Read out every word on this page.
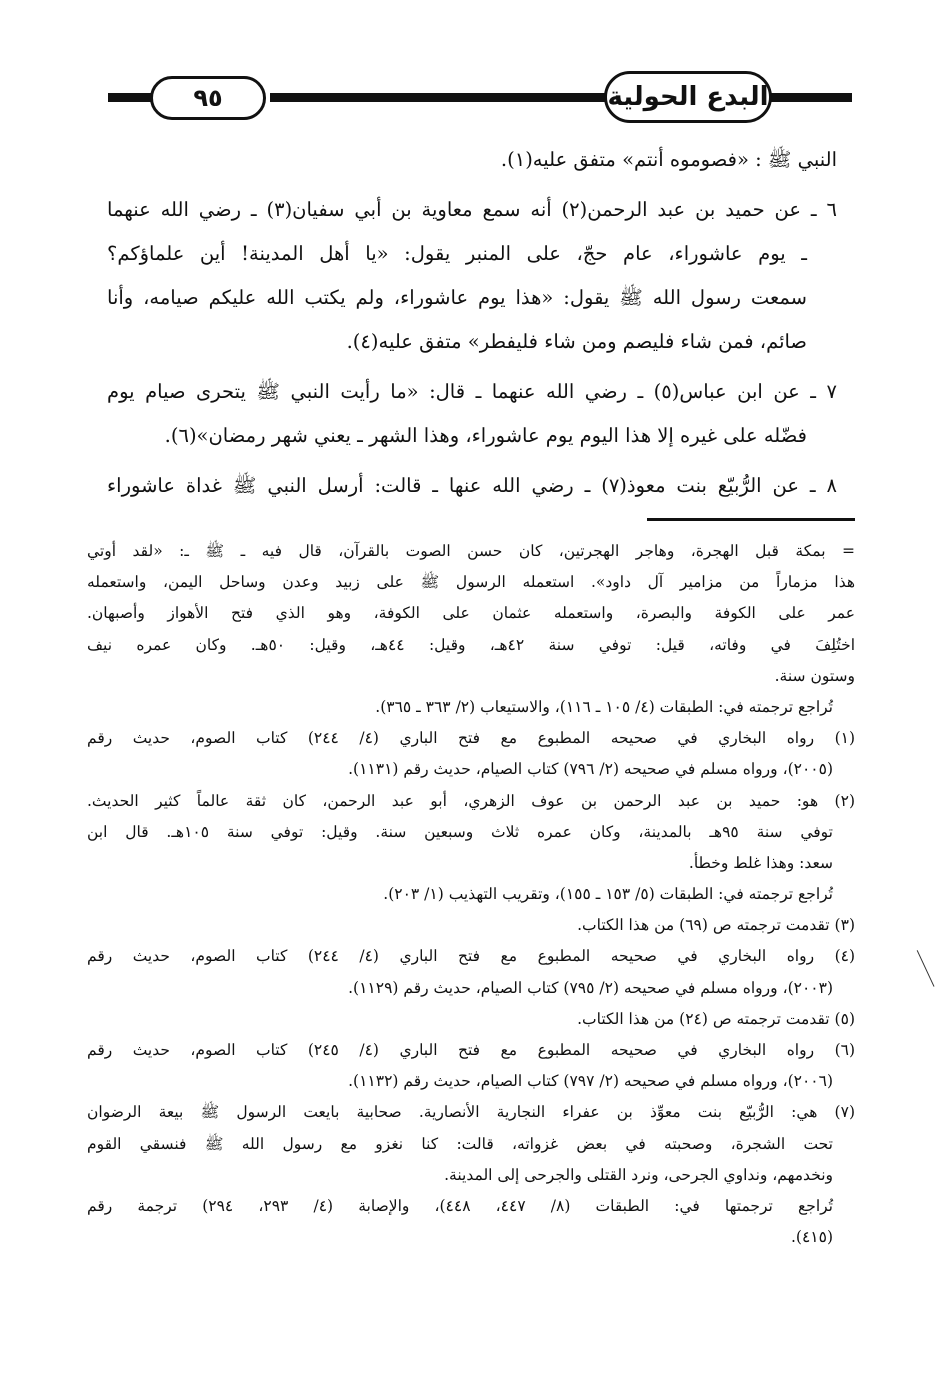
البدع الحولية
٩٥
النبي ﷺ : «فصوموه أنتم» متفق عليه(١).
٦ ـ عن حميد بن عبد الرحمن(٢) أنه سمع معاوية بن أبي سفيان(٣) ـ رضي الله عنهما
ـ يوم عاشوراء، عام حجّ، على المنبر يقول: «يا أهل المدينة! أين علماؤكم؟
سمعت رسول الله ﷺ يقول: «هذا يوم عاشوراء، ولم يكتب الله عليكم صيامه، وأنا
صائم، فمن شاء فليصم ومن شاء فليفطر» متفق عليه(٤).
٧ ـ عن ابن عباس(٥) ـ رضي الله عنهما ـ قال: «ما رأيت النبي ﷺ يتحرى صيام يوم
فضّله على غيره إلا هذا اليوم يوم عاشوراء، وهذا الشهر ـ يعني شهر رمضان»(٦).
٨ ـ عن الرُّبيّع بنت معوذ(٧) ـ رضي الله عنها ـ قالت: أرسل النبي ﷺ غداة عاشوراء
= بمكة قبل الهجرة، وهاجر الهجرتين، كان حسن الصوت بالقرآن، قال فيه ـ ﷺ ـ: «لقد أوتي
هذا مزماراً من مزامير آل داود». استعمله الرسول ﷺ على زبيد وعدن وساحل اليمن، واستعمله
عمر على الكوفة والبصرة، واستعمله عثمان على الكوفة، وهو الذي فتح الأهواز وأصبهان.
اختُلِفَ في وفاته، قيل: توفي سنة ٤٢هـ، وقيل: ٤٤هـ، وقيل: ٥٠هـ. وكان عمره نيف
وستون سنة.
تُراجع ترجمته في: الطبقات (٤/ ١٠٥ ـ ١١٦)، والاستيعاب (٢/ ٣٦٣ ـ ٣٦٥).
(١) رواه البخاري في صحيحه المطبوع مع فتح الباري (٤/ ٢٤٤) كتاب الصوم، حديث رقم
(٢٠٠٥)، ورواه مسلم في صحيحه (٢/ ٧٩٦) كتاب الصيام، حديث رقم (١١٣١).
(٢) هو: حميد بن عبد الرحمن بن عوف الزهري، أبو عبد الرحمن، كان ثقة عالماً كثير الحديث.
توفي سنة ٩٥هـ بالمدينة، وكان عمره ثلاث وسبعين سنة. وقيل: توفي سنة ١٠٥هـ. قال ابن
سعد: وهذا غلط وخطأ.
تُراجع ترجمته في: الطبقات (٥/ ١٥٣ ـ ١٥٥)، وتقريب التهذيب (١/ ٢٠٣).
(٣) تقدمت ترجمته ص (٦٩) من هذا الكتاب.
(٤) رواه البخاري في صحيحه المطبوع مع فتح الباري (٤/ ٢٤٤) كتاب الصوم، حديث رقم
(٢٠٠٣)، ورواه مسلم في صحيحه (٢/ ٧٩٥) كتاب الصيام، حديث رقم (١١٢٩).
(٥) تقدمت ترجمته ص (٢٤) من هذا الكتاب.
(٦) رواه البخاري في صحيحه المطبوع مع فتح الباري (٤/ ٢٤٥) كتاب الصوم، حديث رقم
(٢٠٠٦)، ورواه مسلم في صحيحه (٢/ ٧٩٧) كتاب الصيام، حديث رقم (١١٣٢).
(٧) هي: الرُّبيّع بنت معوِّذ بن عفراء النجارية الأنصارية. صحابية بايعت الرسول ﷺ بيعة الرضوان
تحت الشجرة، وصحبته في بعض غزواته، قالت: كنا نغزو مع رسول الله ﷺ فنسقي القوم
ونخدمهم، ونداوي الجرحى، ونرد القتلى والجرحى إلى المدينة.
تُراجع ترجمتها في: الطبقات (٨/ ٤٤٧، ٤٤٨)، والإصابة (٤/ ٢٩٣، ٢٩٤) ترجمة رقم
(٤١٥).
